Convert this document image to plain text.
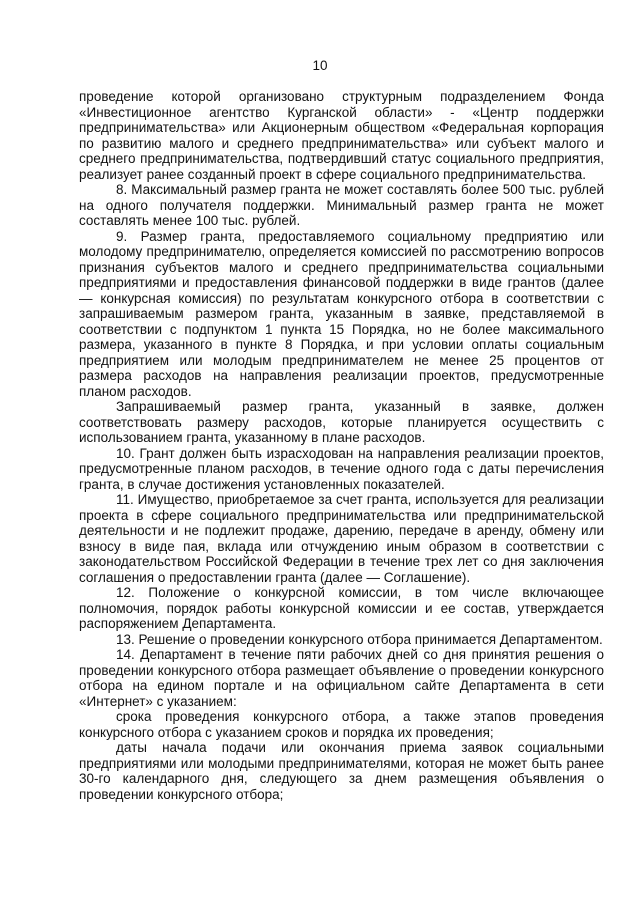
10

проведение которой организовано структурным подразделением Фонда «Инвестиционное агентство Курганской области» - «Центр поддержки предпринимательства» или Акционерным обществом «Федеральная корпорация по развитию малого и среднего предпринимательства» или субъект малого и среднего предпринимательства, подтвердивший статус социального предприятия, реализует ранее созданный проект в сфере социального предпринимательства.

8. Максимальный размер гранта не может составлять более 500 тыс. рублей на одного получателя поддержки. Минимальный размер гранта не может составлять менее 100 тыс. рублей.

9. Размер гранта, предоставляемого социальному предприятию или молодому предпринимателю, определяется комиссией по рассмотрению вопросов признания субъектов малого и среднего предпринимательства социальными предприятиями и предоставления финансовой поддержки в виде грантов (далее — конкурсная комиссия) по результатам конкурсного отбора в соответствии с запрашиваемым размером гранта, указанным в заявке, представляемой в соответствии с подпунктом 1 пункта 15 Порядка, но не более максимального размера, указанного в пункте 8 Порядка, и при условии оплаты социальным предприятием или молодым предпринимателем не менее 25 процентов от размера расходов на направления реализации проектов, предусмотренные планом расходов.

Запрашиваемый размер гранта, указанный в заявке, должен соответствовать размеру расходов, которые планируется осуществить с использованием гранта, указанному в плане расходов.

10. Грант должен быть израсходован на направления реализации проектов, предусмотренные планом расходов, в течение одного года с даты перечисления гранта, в случае достижения установленных показателей.

11. Имущество, приобретаемое за счет гранта, используется для реализации проекта в сфере социального предпринимательства или предпринимательской деятельности и не подлежит продаже, дарению, передаче в аренду, обмену или взносу в виде пая, вклада или отчуждению иным образом в соответствии с законодательством Российской Федерации в течение трех лет со дня заключения соглашения о предоставлении гранта (далее — Соглашение).

12. Положение о конкурсной комиссии, в том числе включающее полномочия, порядок работы конкурсной комиссии и ее состав, утверждается распоряжением Департамента.

13. Решение о проведении конкурсного отбора принимается Департаментом.

14. Департамент в течение пяти рабочих дней со дня принятия решения о проведении конкурсного отбора размещает объявление о проведении конкурсного отбора на едином портале и на официальном сайте Департамента в сети «Интернет» с указанием:

срока проведения конкурсного отбора, а также этапов проведения конкурсного отбора с указанием сроков и порядка их проведения;

даты начала подачи или окончания приема заявок социальными предприятиями или молодыми предпринимателями, которая не может быть ранее 30-го календарного дня, следующего за днем размещения объявления о проведении конкурсного отбора;
